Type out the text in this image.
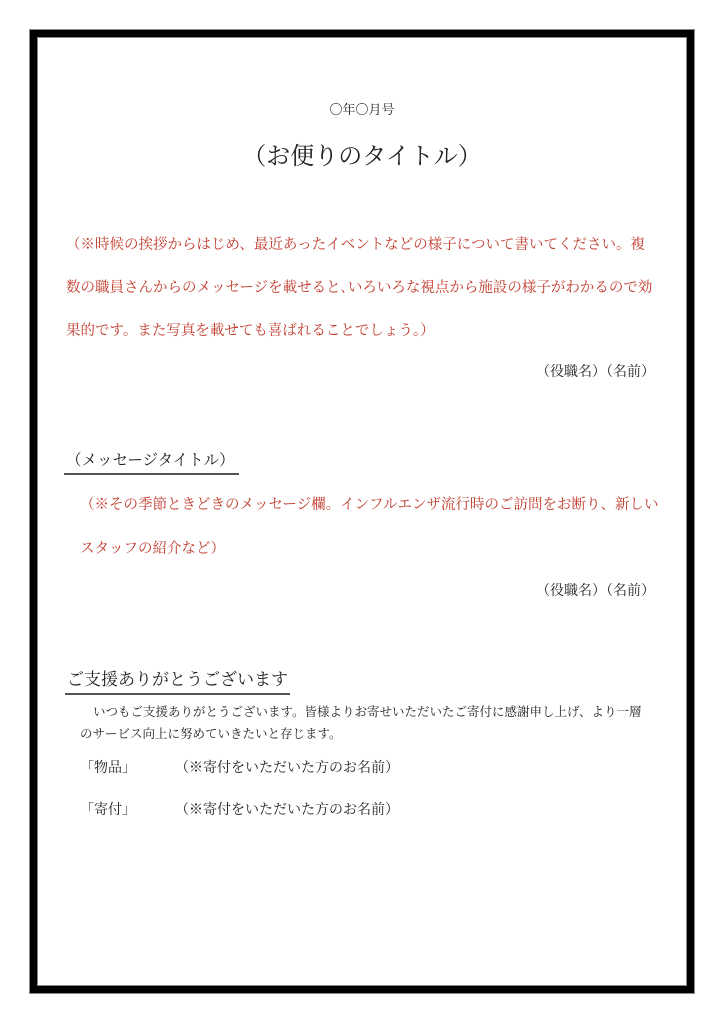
〇年〇月号
（お便りのタイトル）
（※時候の挨拶からはじめ、最近あったイベントなどの様子について書いてください。複
数の職員さんからのメッセージを載せると､いろいろな視点から施設の様子がわかるので効
果的です。また写真を載せても喜ばれることでしょう。）
（役職名）（名前）
（メッセージタイトル）
（※その季節ときどきのメッセージ欄。インフルエンザ流行時のご訪問をお断り、新しい
スタッフの紹介など）
（役職名）（名前）
ご支援ありがとうございます
いつもご支援ありがとうございます。皆様よりお寄せいただいたご寄付に感謝申し上げ、より一層
のサービス向上に努めていきたいと存じます。
「物品」	（※寄付をいただいた方のお名前）
「寄付」	（※寄付をいただいた方のお名前）
